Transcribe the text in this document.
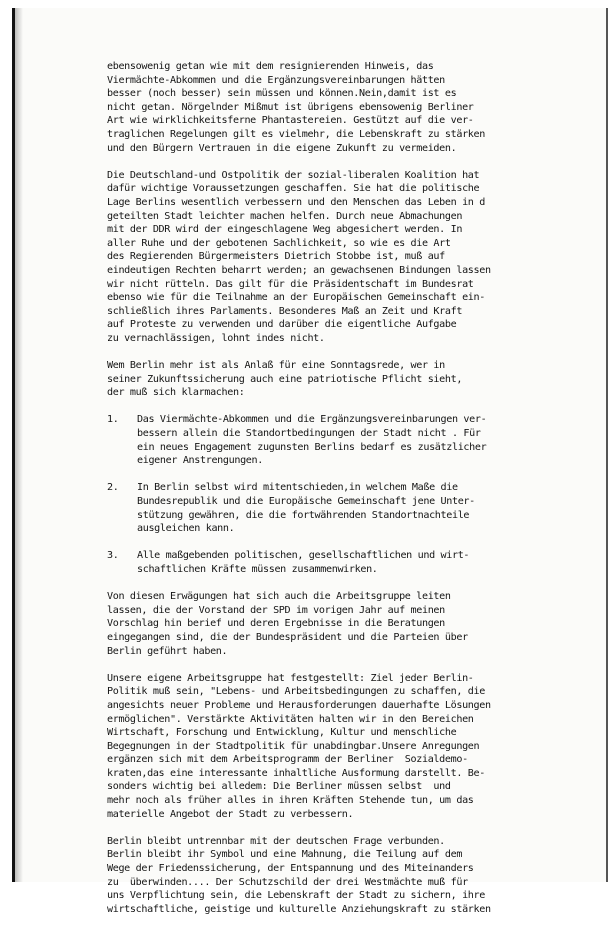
ebensowenig getan wie mit dem resignierenden Hinweis, das
Viermächte-Abkommen und die Ergänzungsvereinbarungen hätten
besser (noch besser) sein müssen und können.Nein,damit ist es
nicht getan. Nörgelnder Mißmut ist übrigens ebensowenig Berliner
Art wie wirklichkeitsferne Phantastereien. Gestützt auf die ver-
traglichen Regelungen gilt es vielmehr, die Lebenskraft zu stärken
und den Bürgern Vertrauen in die eigene Zukunft zu vermeiden.
Die Deutschland-und Ostpolitik der sozial-liberalen Koalition hat
dafür wichtige Voraussetzungen geschaffen. Sie hat die politische
Lage Berlins wesentlich verbessern und den Menschen das Leben in d
geteilten Stadt leichter machen helfen. Durch neue Abmachungen
mit der DDR wird der eingeschlagene Weg abgesichert werden. In
aller Ruhe und der gebotenen Sachlichkeit, so wie es die Art
des Regierenden Bürgermeisters Dietrich Stobbe ist, muß auf
eindeutigen Rechten beharrt werden; an gewachsenen Bindungen lassen
wir nicht rütteln. Das gilt für die Präsidentschaft im Bundesrat
ebenso wie für die Teilnahme an der Europäischen Gemeinschaft ein-
schließlich ihres Parlaments. Besonderes Maß an Zeit und Kraft
auf Proteste zu verwenden und darüber die eigentliche Aufgabe
zu vernachlässigen, lohnt indes nicht.
Wem Berlin mehr ist als Anlaß für eine Sonntagsrede, wer in
seiner Zukunftssicherung auch eine patriotische Pflicht sieht,
der muß sich klarmachen:
1. Das Viermächte-Abkommen und die Ergänzungsvereinbarungen ver-
bessern allein die Standortbedingungen der Stadt nicht . Für
ein neues Engagement zugunsten Berlins bedarf es zusätzlicher
eigener Anstrengungen.
2. In Berlin selbst wird mitentschieden,in welchem Maße die
Bundesrepublik und die Europäische Gemeinschaft jene Unter-
stützung gewähren, die die fortwährenden Standortnachteile
ausgleichen kann.
3. Alle maßgebenden politischen, gesellschaftlichen und wirt-
schaftlichen Kräfte müssen zusammenwirken.
Von diesen Erwägungen hat sich auch die Arbeitsgruppe leiten
lassen, die der Vorstand der SPD im vorigen Jahr auf meinen
Vorschlag hin berief und deren Ergebnisse in die Beratungen
eingegangen sind, die der Bundespräsident und die Parteien über
Berlin geführt haben.
Unsere eigene Arbeitsgruppe hat festgestellt: Ziel jeder Berlin-
Politik muß sein, "Lebens- und Arbeitsbedingungen zu schaffen, die
angesichts neuer Probleme und Herausforderungen dauerhafte Lösungen
ermöglichen". Verstärkte Aktivitäten halten wir in den Bereichen
Wirtschaft, Forschung und Entwicklung, Kultur und menschliche
Begegnungen in der Stadtpolitik für unabdingbar.Unsere Anregungen
ergänzen sich mit dem Arbeitsprogramm der Berliner  Sozialdemo-
kraten,das eine interessante inhaltliche Ausformung darstellt. Be-
sonders wichtig bei alledem: Die Berliner müssen selbst  und
mehr noch als früher alles in ihren Kräften Stehende tun, um das
materielle Angebot der Stadt zu verbessern.
Berlin bleibt untrennbar mit der deutschen Frage verbunden.
Berlin bleibt ihr Symbol und eine Mahnung, die Teilung auf dem
Wege der Friedenssicherung, der Entspannung und des Miteinanders
zu  überwinden.... Der Schutzschild der drei Westmächte muß für
uns Verpflichtung sein, die Lebenskraft der Stadt zu sichern, ihre
wirtschaftliche, geistige und kulturelle Anziehungskraft zu stärken
